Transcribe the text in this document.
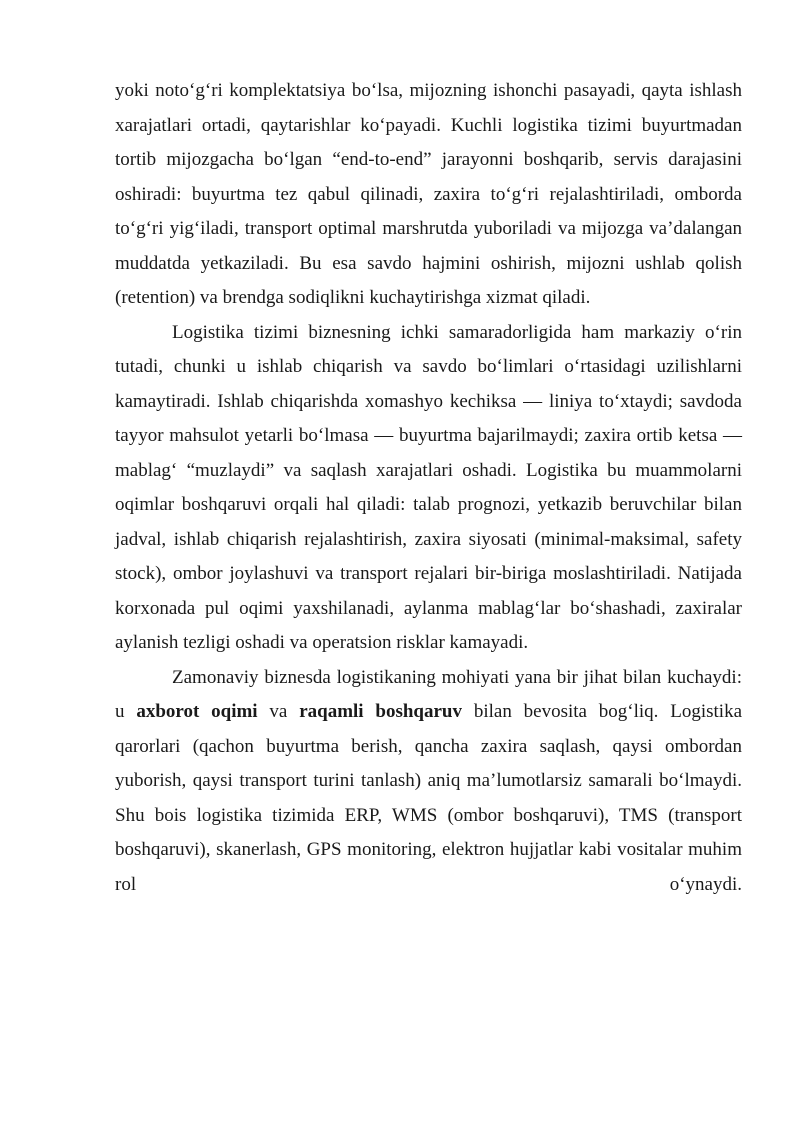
yoki noto‘g‘ri komplektatsiya bo‘lsa, mijozning ishonchi pasayadi, qayta ishlash xarajatlari ortadi, qaytarishlar ko‘payadi. Kuchli logistika tizimi buyurtmadan tortib mijozgacha bo‘lgan “end-to-end” jarayonni boshqarib, servis darajasini oshiradi: buyurtma tez qabul qilinadi, zaxira to‘g‘ri rejalashtiriladi, omborda to‘g‘ri yig‘iladi, transport optimal marshrutda yuboriladi va mijozga va’dalangan muddatda yetkaziladi. Bu esa savdo hajmini oshirish, mijozni ushlab qolish (retention) va brendga sodiqlikni kuchaytirishga xizmat qiladi.

Logistika tizimi biznesning ichki samaradorligida ham markaziy o‘rin tutadi, chunki u ishlab chiqarish va savdo bo‘limlari o‘rtasidagi uzilishlarni kamaytiradi. Ishlab chiqarishda xomashyo kechiksa — liniya to‘xtaydi; savdoda tayyor mahsulot yetarli bo‘lmasa — buyurtma bajarilmaydi; zaxira ortib ketsa — mablag‘ “muzlaydi” va saqlash xarajatlari oshadi. Logistika bu muammolarni oqimlar boshqaruvi orqali hal qiladi: talab prognozi, yetkazib beruvchilar bilan jadval, ishlab chiqarish rejalashtirish, zaxira siyosati (minimal-maksimal, safety stock), ombor joylashuvi va transport rejalari bir-biriga moslashtiriladi. Natijada korxonada pul oqimi yaxshilanadi, aylanma mablag‘lar bo‘shashadi, zaxiralar aylanish tezligi oshadi va operatsion risklar kamayadi.

Zamonaviy biznesda logistikaning mohiyati yana bir jihat bilan kuchaydi: u axborot oqimi va raqamli boshqaruv bilan bevosita bog‘liq. Logistika qarorlari (qachon buyurtma berish, qancha zaxira saqlash, qaysi ombordan yuborish, qaysi transport turini tanlash) aniq ma’lumotlarsiz samarali bo‘lmaydi. Shu bois logistika tizimida ERP, WMS (ombor boshqaruvi), TMS (transport boshqaruvi), skanerlash, GPS monitoring, elektron hujjatlar kabi vositalar muhim rol o‘ynaydi.
